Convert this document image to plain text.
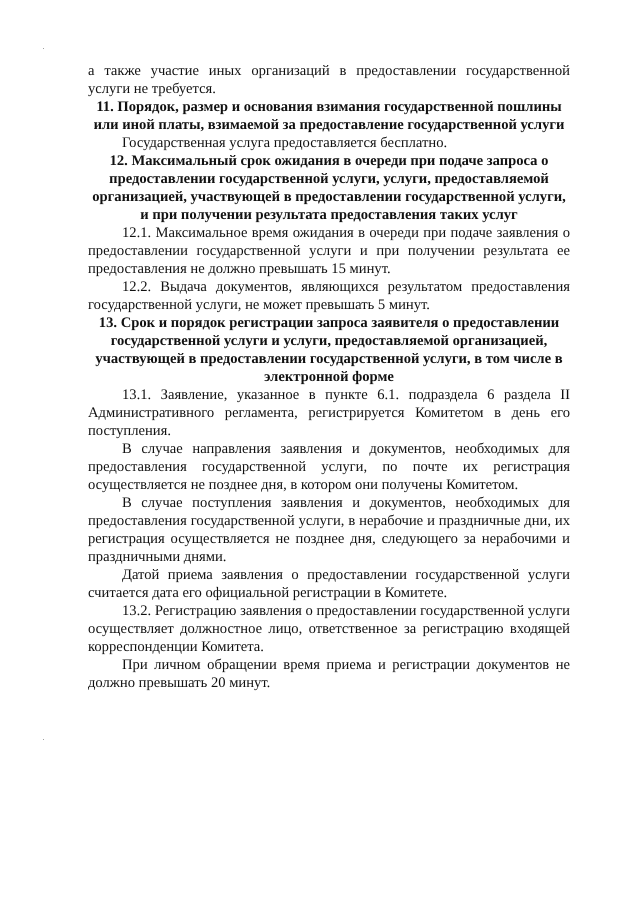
а также участие иных организаций в предоставлении государственной услуги не требуется.

11. Порядок, размер и основания взимания государственной пошлины или иной платы, взимаемой за предоставление государственной услуги

Государственная услуга предоставляется бесплатно.

12. Максимальный срок ожидания в очереди при подаче запроса о предоставлении государственной услуги, услуги, предоставляемой организацией, участвующей в предоставлении государственной услуги, и при получении результата предоставления таких услуг

12.1. Максимальное время ожидания в очереди при подаче заявления о предоставлении государственной услуги и при получении результата ее предоставления не должно превышать 15 минут.

12.2. Выдача документов, являющихся результатом предоставления государственной услуги, не может превышать 5 минут.

13. Срок и порядок регистрации запроса заявителя о предоставлении государственной услуги и услуги, предоставляемой организацией, участвующей в предоставлении государственной услуги, в том числе в электронной форме

13.1. Заявление, указанное в пункте 6.1. подраздела 6 раздела II Административного регламента, регистрируется Комитетом в день его поступления.

В случае направления заявления и документов, необходимых для предоставления государственной услуги, по почте их регистрация осуществляется не позднее дня, в котором они получены Комитетом.

В случае поступления заявления и документов, необходимых для предоставления государственной услуги, в нерабочие и праздничные дни, их регистрация осуществляется не позднее дня, следующего за нерабочими и праздничными днями.

Датой приема заявления о предоставлении государственной услуги считается дата его официальной регистрации в Комитете.

13.2. Регистрацию заявления о предоставлении государственной услуги осуществляет должностное лицо, ответственное за регистрацию входящей корреспонденции Комитета.

При личном обращении время приема и регистрации документов не должно превышать 20 минут.
